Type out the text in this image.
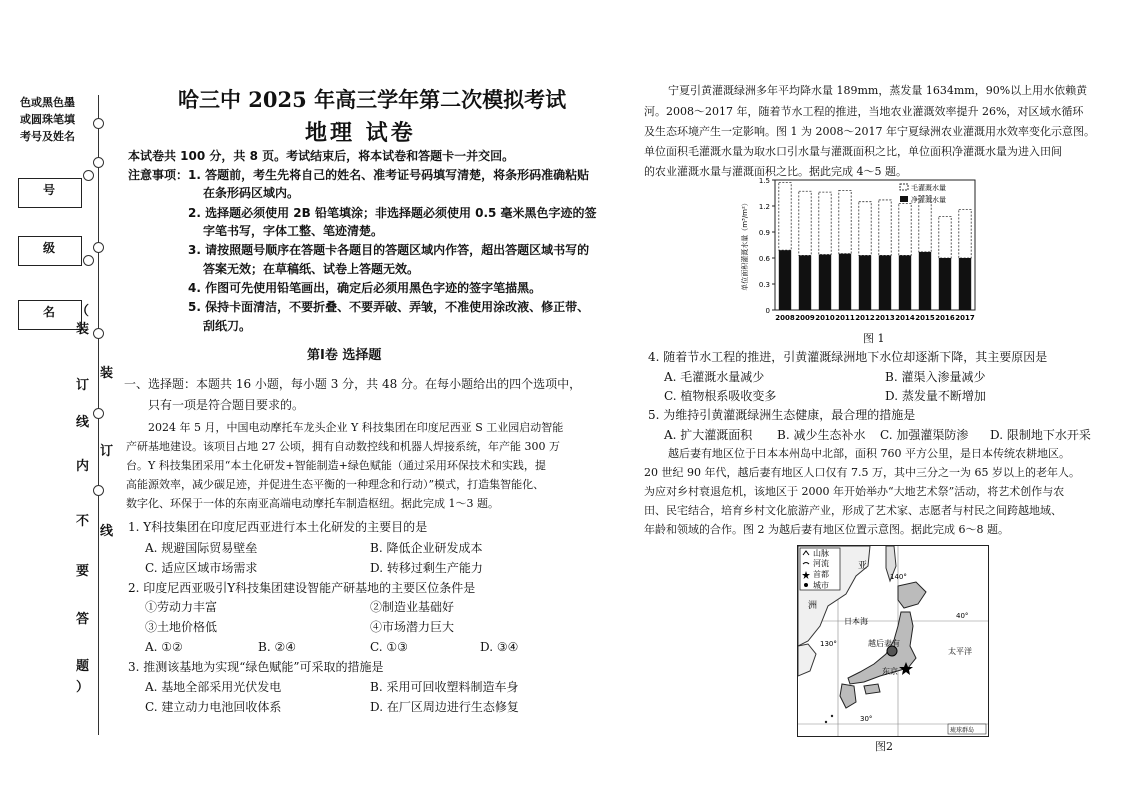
色或黑色墨
或圆珠笔填
考号及姓名
号
级
名 （
装
订
线
内
不
要
答
题
）
装
订
线
哈三中 2025 年高三学年第二次模拟考试
地理 试卷
本试卷共 100 分，共 8 页。考试结束后，将本试卷和答题卡一并交回。
注意事项： 1. 答题前，考生先将自己的姓名、准考证号码填写清楚，将条形码准确粘贴
在条形码区域内。
2. 选择题必须使用 2B 铅笔填涂；非选择题必须使用 0.5 毫米黑色字迹的签
字笔书写，字体工整、笔迹清楚。
3. 请按照题号顺序在答题卡各题目的答题区域内作答，超出答题区域书写的
答案无效；在草稿纸、试卷上答题无效。
4. 作图可先使用铅笔画出，确定后必须用黑色字迹的签字笔描黑。
5. 保持卡面清洁，不要折叠、不要弄破、弄皱，不准使用涂改液、修正带、
刮纸刀。
第Ⅰ卷 选择题
一、选择题：本题共 16 小题，每小题 3 分，共 48 分。在每小题给出的四个选项中，
只有一项是符合题目要求的。
2024 年 5 月，中国电动摩托车龙头企业 Y 科技集团在印度尼西亚 S 工业园启动智能
产研基地建设。该项目占地 27 公顷，拥有自动数控线和机器人焊接系统，年产能 300 万
台。Y 科技集团采用“本土化研发+智能制造+绿色赋能（通过采用环保技术和实践，提
高能源效率，减少碳足迹，并促进生态平衡的一种理念和行动）”模式，打造集智能化、
数字化、环保于一体的东南亚高端电动摩托车制造枢纽。据此完成 1～3 题。
1. Y科技集团在印度尼西亚进行本土化研发的主要目的是
A. 规避国际贸易壁垒	B. 降低企业研发成本
C. 适应区域市场需求	D. 转移过剩生产能力
2. 印度尼西亚吸引Y科技集团建设智能产研基地的主要区位条件是
①劳动力丰富	②制造业基础好
③土地价格低	④市场潜力巨大
A. ①②	B. ②④	C. ①③	D. ③④
3. 推测该基地为实现“绿色赋能”可采取的措施是
A. 基地全部采用光伏发电	B. 采用可回收塑料制造车身
C. 建立动力电池回收体系	D. 在厂区周边进行生态修复
宁夏引黄灌溉绿洲多年平均降水量 189mm，蒸发量 1634mm，90%以上用水依赖黄
河。2008～2017 年，随着节水工程的推进，当地农业灌溉效率提升 26%，对区域水循环
及生态环境产生一定影响。图 1 为 2008～2017 年宁夏绿洲农业灌溉用水效率变化示意图。
单位面积毛灌溉水量为取水口引水量与灌溉面积之比，单位面积净灌溉水量为进入田间
的农业灌溉水量与灌溉面积之比。据此完成 4～5 题。
0
0.3
0.6
0.9
1.2
1.5
单位面积灌溉水量（m³/m²）
2008 2009 2010 2011 2012 2013 2014 2015 2016 2017
毛灌溉水量
净灌溉水量
图 1
4. 随着节水工程的推进，引黄灌溉绿洲地下水位却逐渐下降，其主要原因是
A. 毛灌溉水量减少	B. 灌渠入渗量减少
C. 植物根系吸收变多	D. 蒸发量不断增加
5. 为维持引黄灌溉绿洲生态健康，最合理的措施是
A. 扩大灌溉面积 B. 减少生态补水 C. 加强灌渠防渗 D. 限制地下水开采
越后妻有地区位于日本本州岛中北部，面积 760 平方公里，是日本传统农耕地区。
20 世纪 90 年代，越后妻有地区人口仅有 7.5 万，其中三分之一为 65 岁以上的老年人。
为应对乡村衰退危机，该地区于 2000 年开始举办“大地艺术祭”活动，将艺术创作与农
田、民宅结合，培育乡村文化旅游产业，形成了艺术家、志愿者与村民之间跨越地域、
年龄和领域的合作。图 2 为越后妻有地区位置示意图。据此完成 6～8 题。
山脉
河流
首都
城市
亚
洲
日本海
太平洋
东京
越后妻有
140°
40°
130°
30°
琉球群岛
图2
